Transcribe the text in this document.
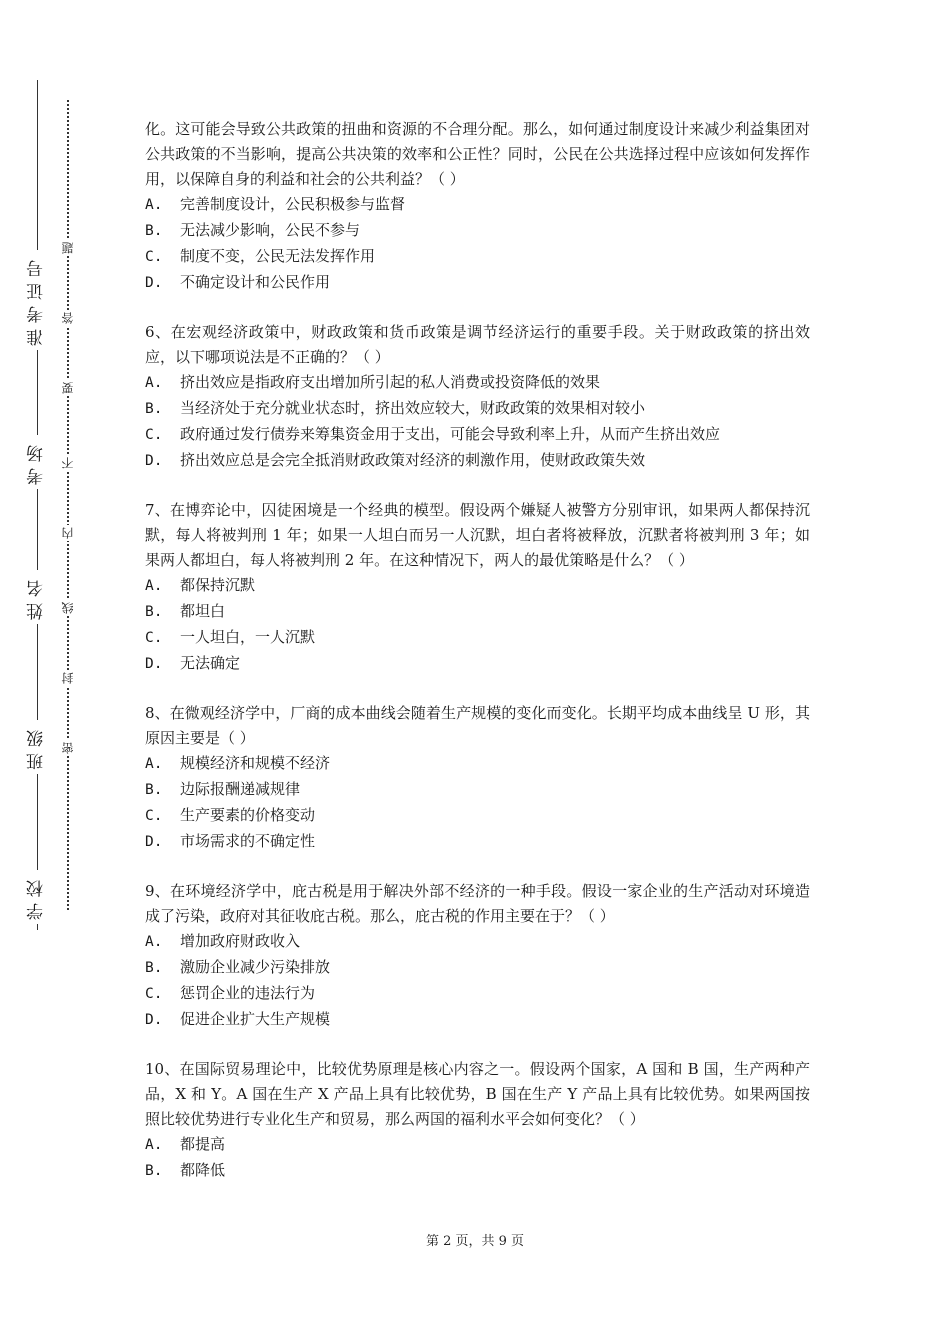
准考证号
考场
姓名
班级
学校
题
答
要
不
内
线
封
密

化。这可能会导致公共政策的扭曲和资源的不合理分配。那么，如何通过制度设计来减少利益集团对公共政策的不当影响，提高公共决策的效率和公正性？同时，公民在公共选择过程中应该如何发挥作用，以保障自身的利益和社会的公共利益？（ ）

A. 完善制度设计，公民积极参与监督
B. 无法减少影响，公民不参与
C. 制度不变，公民无法发挥作用
D. 不确定设计和公民作用

6、在宏观经济政策中，财政政策和货币政策是调节经济运行的重要手段。关于财政政策的挤出效应，以下哪项说法是不正确的？（ ）

A. 挤出效应是指政府支出增加所引起的私人消费或投资降低的效果
B. 当经济处于充分就业状态时，挤出效应较大，财政政策的效果相对较小
C. 政府通过发行债券来筹集资金用于支出，可能会导致利率上升，从而产生挤出效应
D. 挤出效应总是会完全抵消财政政策对经济的刺激作用，使财政政策失效

7、在博弈论中，囚徒困境是一个经典的模型。假设两个嫌疑人被警方分别审讯，如果两人都保持沉默，每人将被判刑 1 年；如果一人坦白而另一人沉默，坦白者将被释放，沉默者将被判刑 3 年；如果两人都坦白，每人将被判刑 2 年。在这种情况下，两人的最优策略是什么？（ ）

A. 都保持沉默
B. 都坦白
C. 一人坦白，一人沉默
D. 无法确定

8、在微观经济学中，厂商的成本曲线会随着生产规模的变化而变化。长期平均成本曲线呈 U 形，其原因主要是（ ）

A. 规模经济和规模不经济
B. 边际报酬递减规律
C. 生产要素的价格变动
D. 市场需求的不确定性

9、在环境经济学中，庇古税是用于解决外部不经济的一种手段。假设一家企业的生产活动对环境造成了污染，政府对其征收庇古税。那么，庇古税的作用主要在于？（ ）

A. 增加政府财政收入
B. 激励企业减少污染排放
C. 惩罚企业的违法行为
D. 促进企业扩大生产规模

10、在国际贸易理论中，比较优势原理是核心内容之一。假设两个国家，A 国和 B 国，生产两种产品，X 和 Y。A 国在生产 X 产品上具有比较优势，B 国在生产 Y 产品上具有比较优势。如果两国按照比较优势进行专业化生产和贸易，那么两国的福利水平会如何变化？（ ）

A. 都提高
B. 都降低
第 2 页，共 9 页
